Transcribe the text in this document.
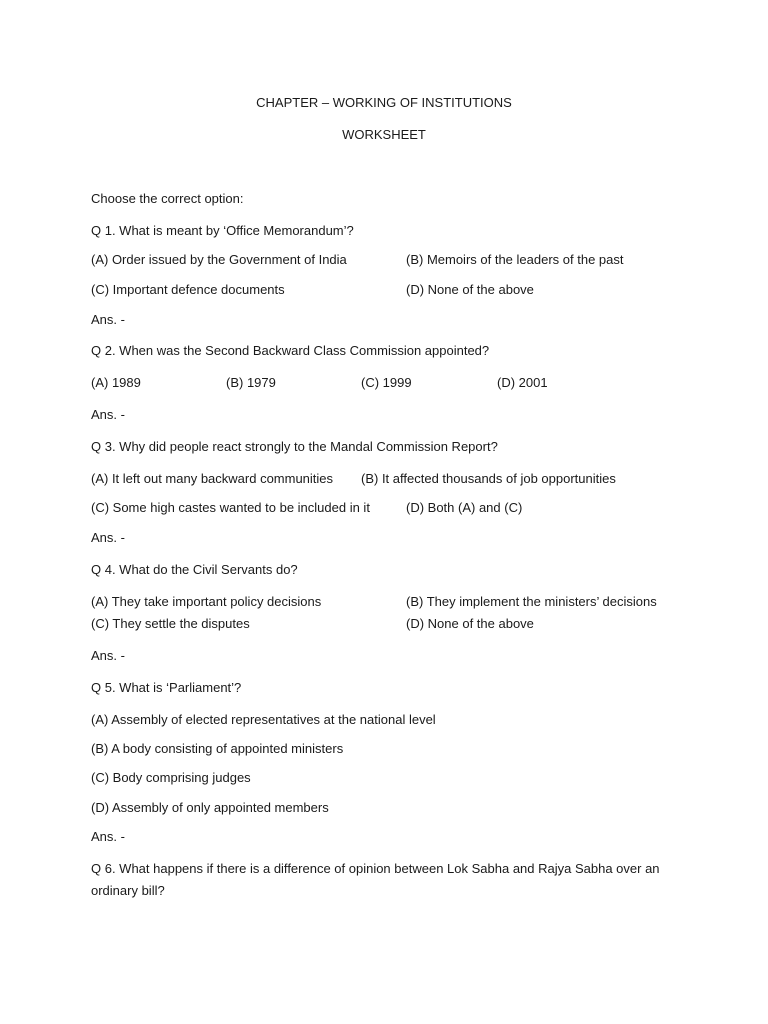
CHAPTER – WORKING OF INSTITUTIONS
WORKSHEET
Choose the correct option:
Q 1. What is meant by ‘Office Memorandum’?
(A) Order issued by the Government of India	(B) Memoirs of the leaders of the past
(C) Important defence documents	(D) None of the above
Ans. -
Q 2. When was the Second Backward Class Commission appointed?
(A) 1989	(B) 1979	(C) 1999	(D) 2001
Ans. -
Q 3. Why did people react strongly to the Mandal Commission Report?
(A) It left out many backward communities (B) It affected thousands of job opportunities
(C) Some high castes wanted to be included in it	(D) Both (A) and (C)
Ans. -
Q 4. What do the Civil Servants do?
(A) They take important policy decisions	(B) They implement the ministers’ decisions
(C) They settle the disputes	(D) None of the above
Ans. -
Q 5. What is ‘Parliament’?
(A) Assembly of elected representatives at the national level
(B) A body consisting of appointed ministers
(C) Body comprising judges
(D) Assembly of only appointed members
Ans. -
Q 6. What happens if there is a difference of opinion between Lok Sabha and Rajya Sabha over an ordinary bill?
